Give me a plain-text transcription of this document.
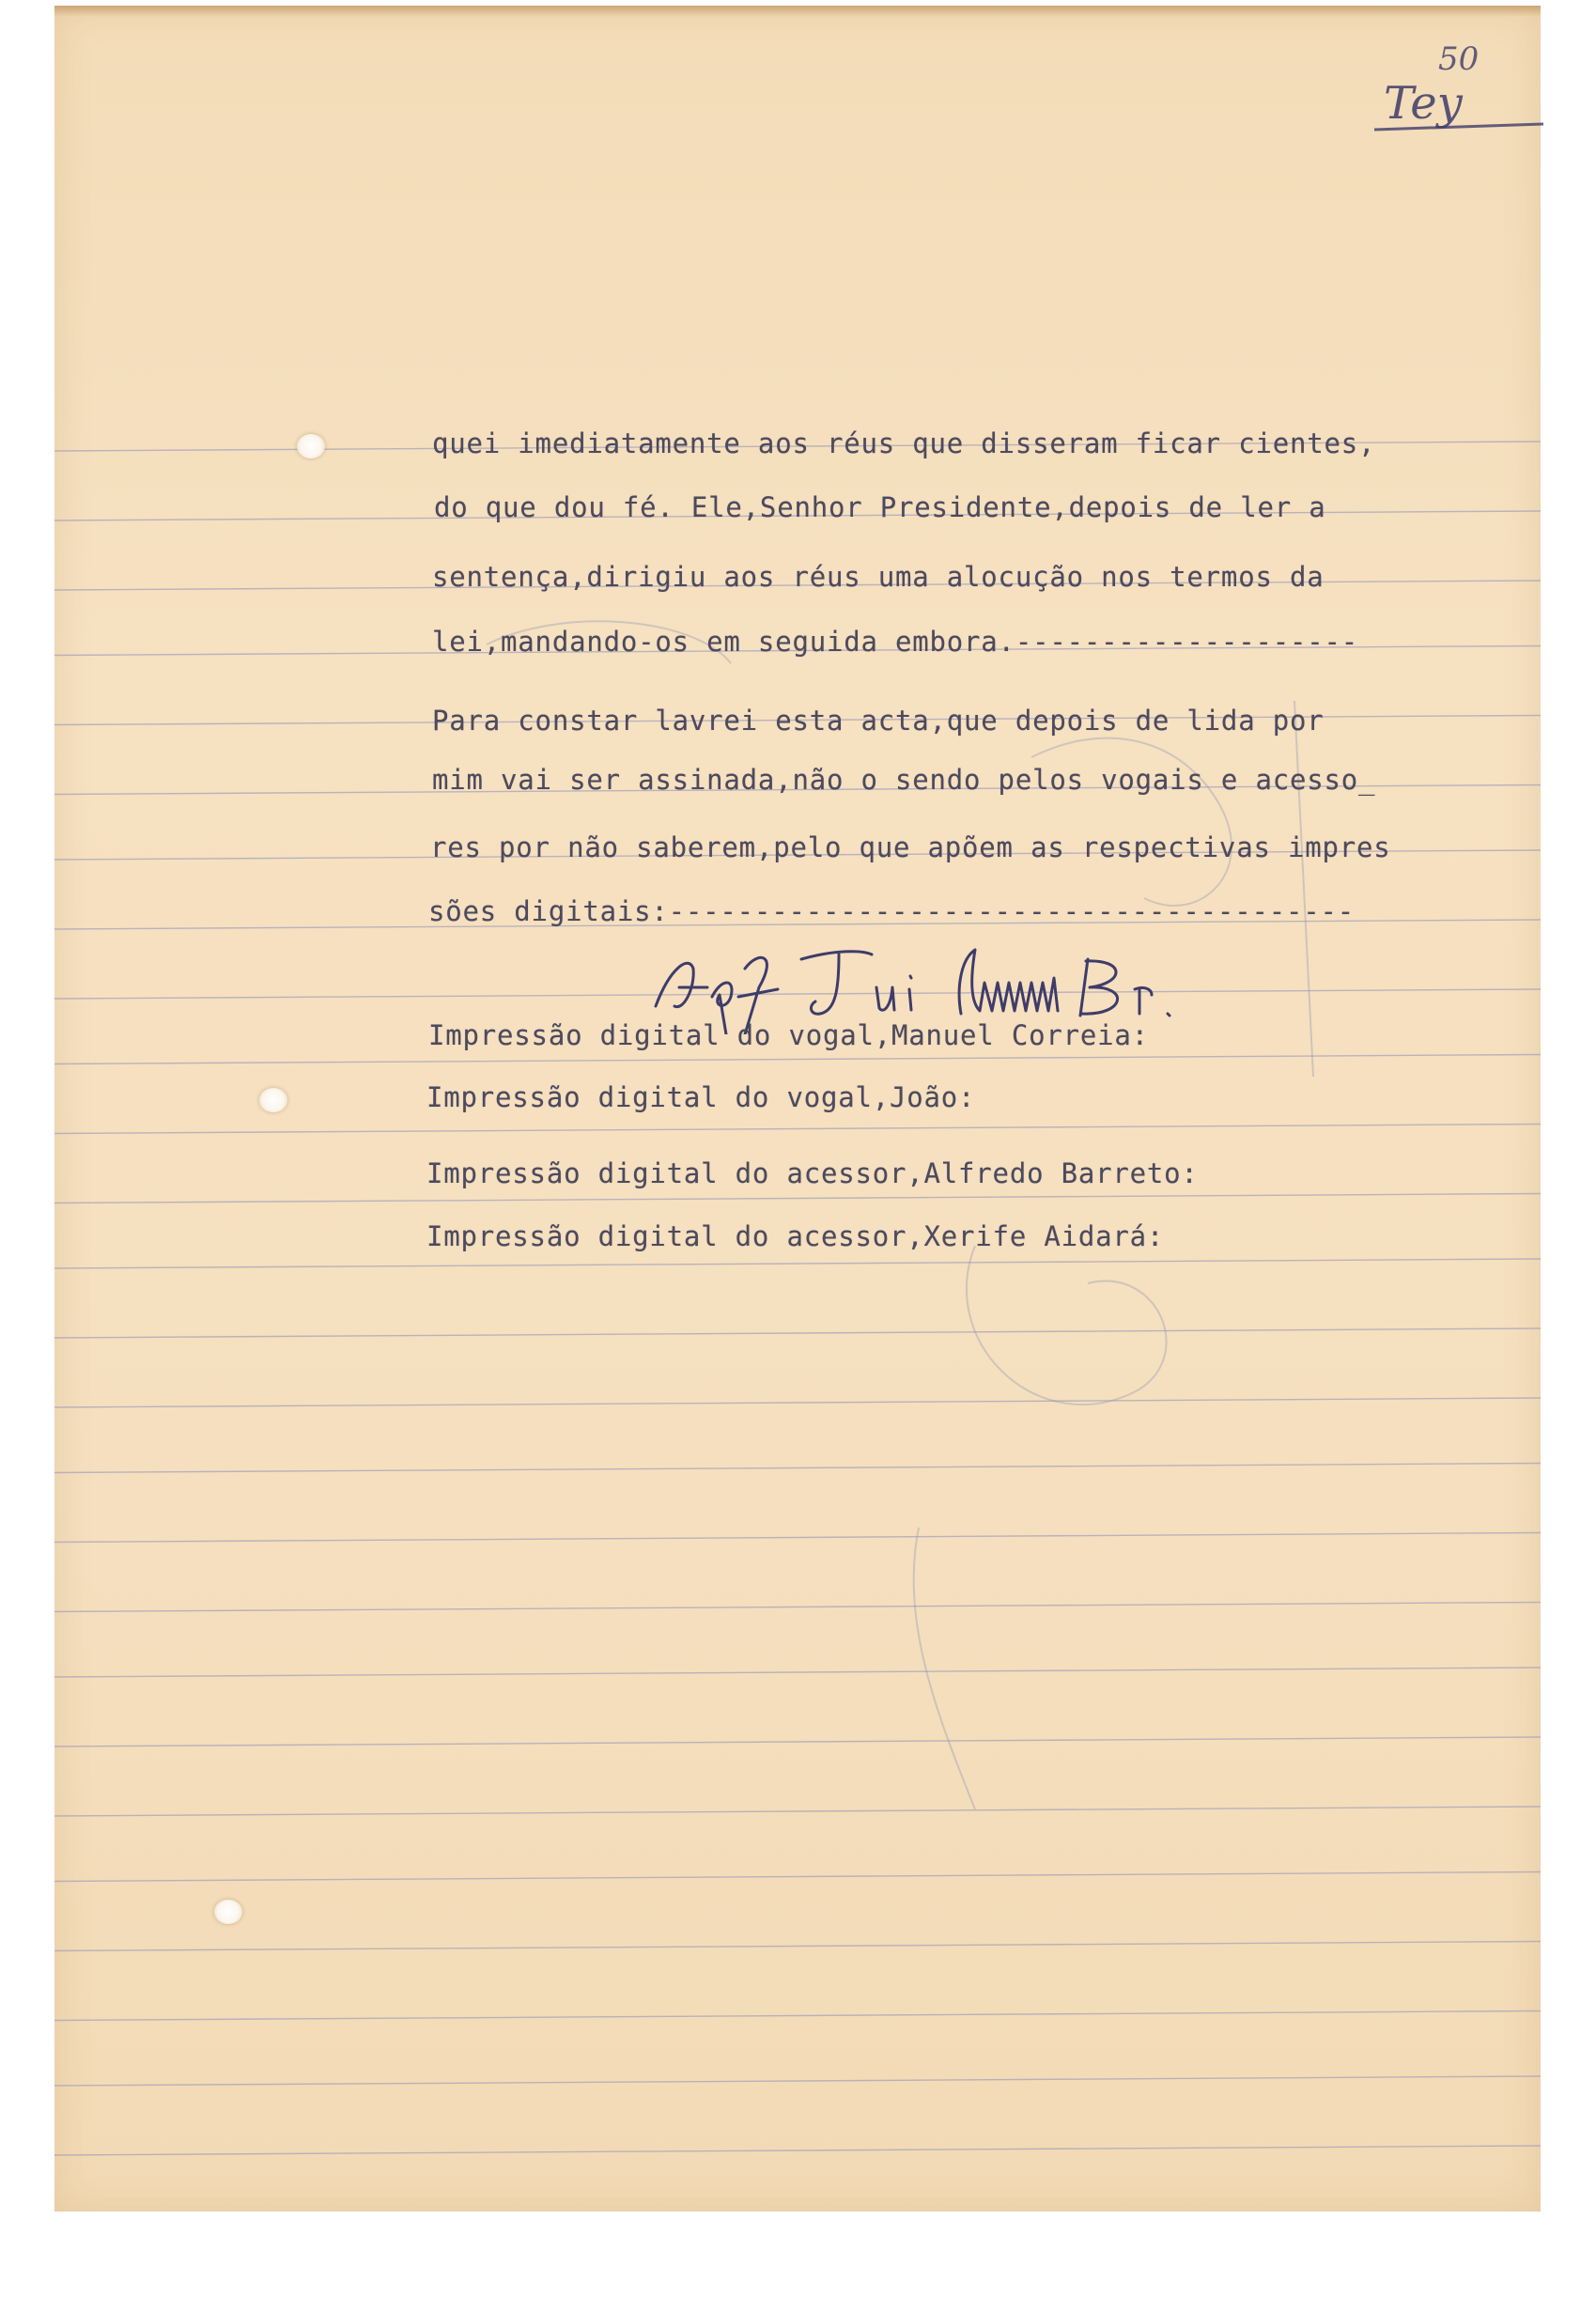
50
Tey
quei imediatamente aos réus que disseram ficar cientes,
do que dou fé. Ele,Senhor Presidente,depois de ler a
sentença,dirigiu aos réus uma alocução nos termos da
lei,mandando-os em seguida embora.--------------------
Para constar lavrei esta acta,que depois de lida por
mim vai ser assinada,não o sendo pelos vogais e acesso_
res por não saberem,pelo que apõem as respectivas impres
sões digitais:----------------------------------------
Agf Jui Manuel Br.
Impressão digital do vogal,Manuel Correia:
Impressão digital do vogal,João:
Impressão digital do acessor,Alfredo Barreto:
Impressão digital do acessor,Xerife Aidará:
